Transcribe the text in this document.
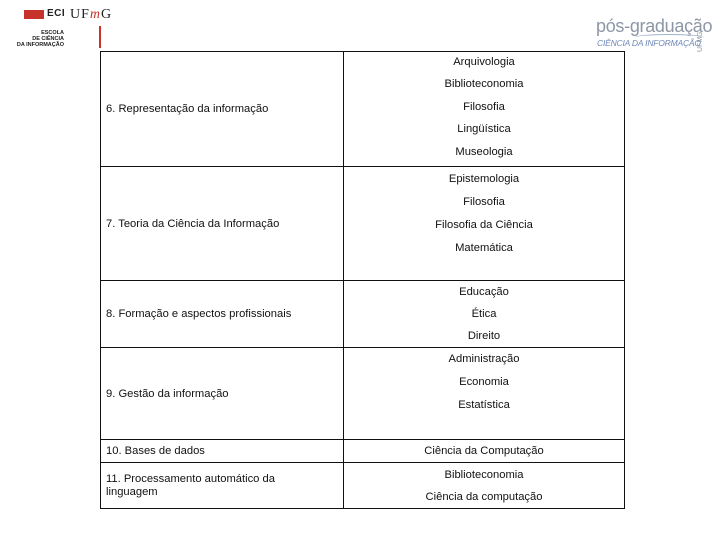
ECI
ESCOLA
DE CIÊNCIA
DA INFORMAÇÃO
UFmG
pós-graduação
CIÊNCIA DA INFORMAÇÃO
UFMG
6. Representação da informação	Arquivologia
Biblioteconomia
Filosofia
Lingüística
Museologia

7. Teoria da Ciência da Informação	Epistemologia
Filosofia
Filosofia da Ciência
Matemática

8. Formação e aspectos profissionais	Educação
Ética
Direito

9. Gestão da informação	Administração
Economia
Estatística

10. Bases de dados	Ciência da Computação

11. Processamento automático da linguagem	Biblioteconomia
Ciência da computação
